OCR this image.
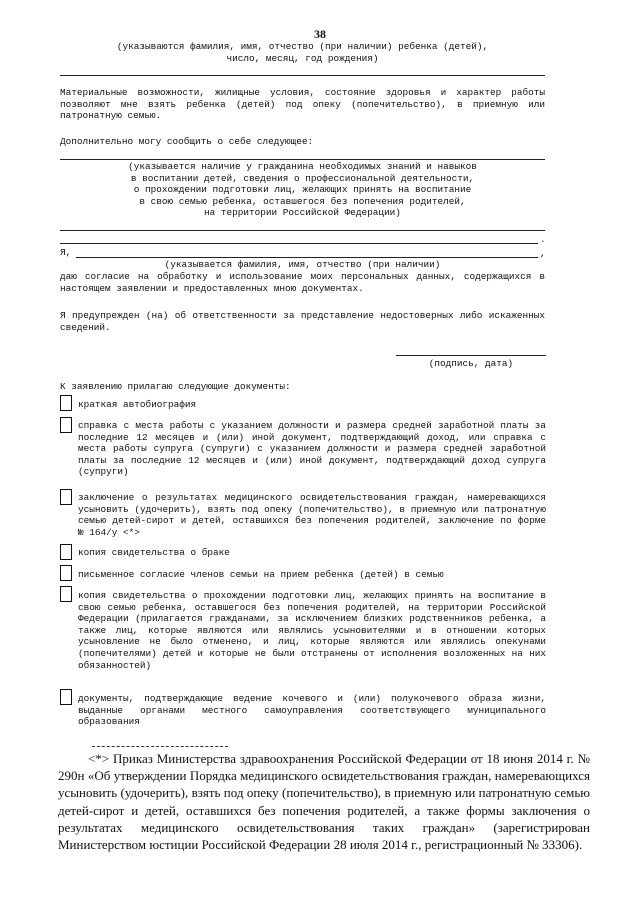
38
(указываются фамилия, имя, отчество (при наличии) ребенка (детей),
число, месяц, год рождения)

Материальные возможности, жилищные условия, состояние здоровья и характер работы позволяют мне взять ребенка (детей) под опеку (попечительство), в приемную или патронатную семью.

Дополнительно могу сообщить о себе следующее:
(указывается наличие у гражданина необходимых знаний и навыков
в воспитании детей, сведения о профессиональной деятельности,
о прохождении подготовки лиц, желающих принять на воспитание
в свою семью ребенка, оставшегося без попечения родителей,
на территории Российской Федерации)
.
Я,	,
(указывается фамилия, имя, отчество (при наличии)

даю согласие на обработку и использование моих персональных данных, содержащихся в настоящем заявлении и предоставленных мною документах.

Я предупрежден (на) об ответственности за представление недостоверных либо искаженных сведений.

(подпись, дата)
К заявлению прилагаю следующие документы:

краткая автобиография

справка с места работы с указанием должности и размера средней заработной платы за последние 12 месяцев и (или) иной документ, подтверждающий доход, или справка с места работы супруга (супруги) с указанием должности и размера средней заработной платы за последние 12 месяцев и (или) иной документ, подтверждающий доход супруга (супруги)

заключение о результатах медицинского освидетельствования граждан, намеревающихся усыновить (удочерить), взять под опеку (попечительство), в приемную или патронатную семью детей-сирот и детей, оставшихся без попечения родителей, заключение по форме № 164/у <*>

копия свидетельства о браке

письменное согласие членов семьи на прием ребенка (детей) в семью

копия свидетельства о прохождении подготовки лиц, желающих принять на воспитание в свою семью ребенка, оставшегося без попечения родителей, на территории Российской Федерации (прилагается гражданами, за исключением близких родственников ребенка, а также лиц, которые являются или являлись усыновителями и в отношении которых усыновление не было отменено, и лиц, которые являются или являлись опекунами (попечителями) детей и которые не были отстранены от исполнения возложенных на них обязанностей)

документы, подтверждающие ведение кочевого и (или) полукочевого образа жизни, выданные органами местного самоуправления соответствующего муниципального образования

<*> Приказ Министерства здравоохранения Российской Федерации от 18 июня 2014 г. № 290н «Об утверждении Порядка медицинского освидетельствования граждан, намеревающихся усыновить (удочерить), взять под опеку (попечительство), в приемную или патронатную семью детей-сирот и детей, оставшихся без попечения родителей, а также формы заключения о результатах медицинского освидетельствования таких граждан» (зарегистрирован Министерством юстиции Российской Федерации 28 июля 2014 г., регистрационный № 33306).
